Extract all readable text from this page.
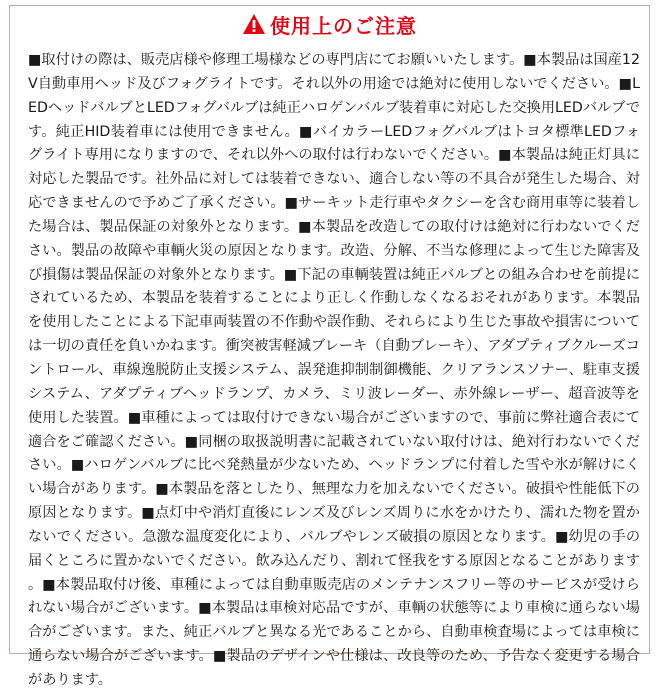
使用上のご注意
■取付けの際は、販売店様や修理工場様などの専門店にてお願いいたします。■本製品は国産12V自動車用ヘッド及びフォグライトです。それ以外の用途では絶対に使用しないでください。■LEDヘッドバルブとLEDフォグバルブは純正ハロゲンバルブ装着車に対応した交換用LEDバルブです。純正HID装着車には使用できません。■バイカラーLEDフォグバルブはトヨタ標準LEDフォグライト専用になりますので、それ以外への取付は行わないでください。■本製品は純正灯具に対応した製品です。社外品に対しては装着できない、適合しない等の不具合が発生した場合、対応できませんので予めご了承ください。■サーキット走行車やタクシーを含む商用車等に装着した場合は、製品保証の対象外となります。■本製品を改造しての取付けは絶対に行わないでください。製品の故障や車輌火災の原因となります。改造、分解、不当な修理によって生じた障害及び損傷は製品保証の対象外となります。■下記の車輌装置は純正バルブとの組み合わせを前提にされているため、本製品を装着することにより正しく作動しなくなるおそれがあります。本製品を使用したことによる下記車両装置の不作動や誤作動、それらにより生じた事故や損害については一切の責任を負いかねます。衝突被害軽減ブレーキ（自動ブレーキ）、アダプティブクルーズコントロール、車線逸脱防止支援システム、誤発進抑制制御機能、クリアランスソナー、駐車支援システム、アダプティブヘッドランプ、カメラ、ミリ波レーダー、赤外線レーザー、超音波等を使用した装置。■車種によっては取付けできない場合がございますので、事前に弊社適合表にて適合をご確認ください。■同梱の取扱説明書に記載されていない取付けは、絶対行わないでください。■ハロゲンバルブに比べ発熱量が少ないため、ヘッドランプに付着した雪や氷が解けにくい場合があります。■本製品を落としたり、無理な力を加えないでください。破損や性能低下の原因となります。■点灯中や消灯直後にレンズ及びレンズ周りに水をかけたり、濡れた物を置かないでください。急激な温度変化により、バルブやレンズ破損の原因となります。■幼児の手の届くところに置かないでください。飲み込んだり、割れて怪我をする原因となることがあります。■本製品取付け後、車種によっては自動車販売店のメンテナンスフリー等のサービスが受けられない場合がございます。■本製品は車検対応品ですが、車輌の状態等により車検に通らない場合がございます。また、純正バルブと異なる光であることから、自動車検査場によっては車検に通らない場合がございます。■製品のデザインや仕様は、改良等のため、予告なく変更する場合があります。
